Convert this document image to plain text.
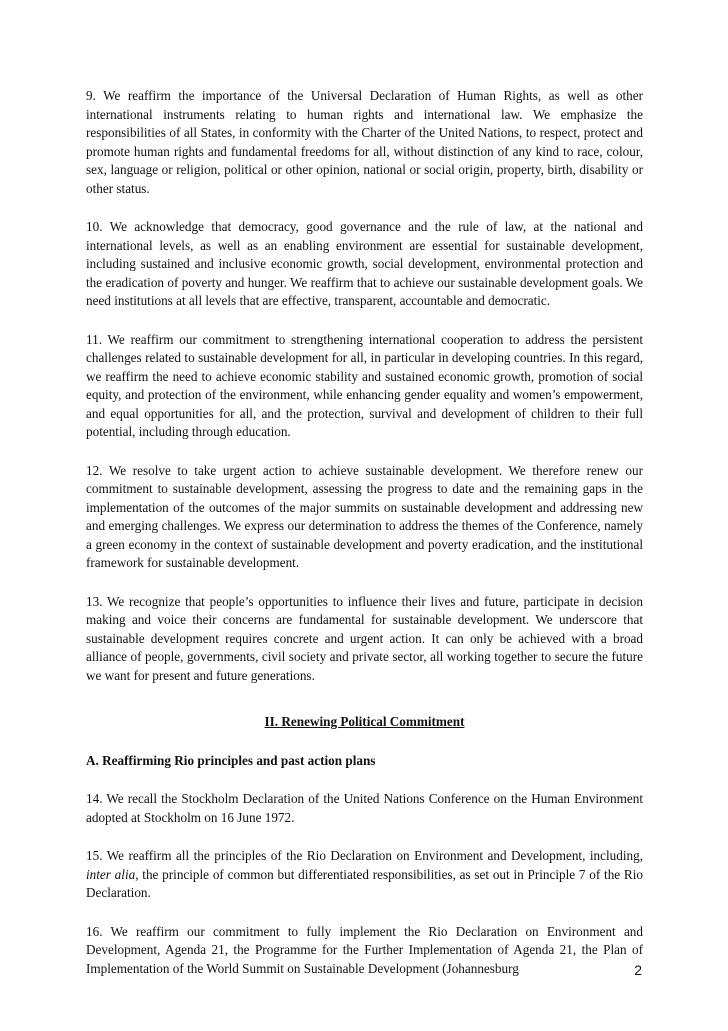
9. We reaffirm the importance of the Universal Declaration of Human Rights, as well as other international instruments relating to human rights and international law. We emphasize the responsibilities of all States, in conformity with the Charter of the United Nations, to respect, protect and promote human rights and fundamental freedoms for all, without distinction of any kind to race, colour, sex, language or religion, political or other opinion, national or social origin, property, birth, disability or other status.

10. We acknowledge that democracy, good governance and the rule of law, at the national and international levels, as well as an enabling environment are essential for sustainable development, including sustained and inclusive economic growth, social development, environmental protection and the eradication of poverty and hunger. We reaffirm that to achieve our sustainable development goals. We need institutions at all levels that are effective, transparent, accountable and democratic.

11. We reaffirm our commitment to strengthening international cooperation to address the persistent challenges related to sustainable development for all, in particular in developing countries. In this regard, we reaffirm the need to achieve economic stability and sustained economic growth, promotion of social equity, and protection of the environment, while enhancing gender equality and women’s empowerment, and equal opportunities for all, and the protection, survival and development of children to their full potential, including through education.

12. We resolve to take urgent action to achieve sustainable development. We therefore renew our commitment to sustainable development, assessing the progress to date and the remaining gaps in the implementation of the outcomes of the major summits on sustainable development and addressing new and emerging challenges. We express our determination to address the themes of the Conference, namely a green economy in the context of sustainable development and poverty eradication, and the institutional framework for sustainable development.

13. We recognize that people’s opportunities to influence their lives and future, participate in decision making and voice their concerns are fundamental for sustainable development. We underscore that sustainable development requires concrete and urgent action. It can only be achieved with a broad alliance of people, governments, civil society and private sector, all working together to secure the future we want for present and future generations.

II. Renewing Political Commitment

A. Reaffirming Rio principles and past action plans

14. We recall the Stockholm Declaration of the United Nations Conference on the Human Environment adopted at Stockholm on 16 June 1972.

15. We reaffirm all the principles of the Rio Declaration on Environment and Development, including, inter alia, the principle of common but differentiated responsibilities, as set out in Principle 7 of the Rio Declaration.

16. We reaffirm our commitment to fully implement the Rio Declaration on Environment and Development, Agenda 21, the Programme for the Further Implementation of Agenda 21, the Plan of Implementation of the World Summit on Sustainable Development (Johannesburg	2
